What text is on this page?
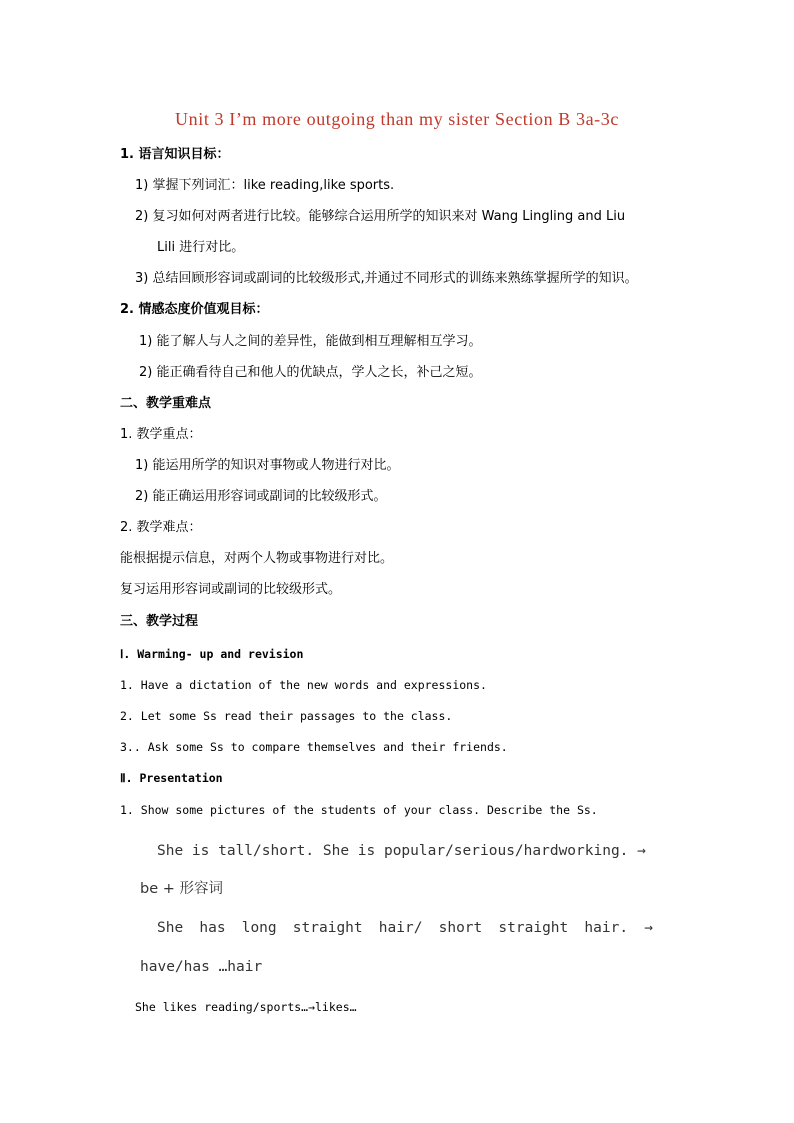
Unit 3 I’m more outgoing than my sister Section B 3a-3c
1. 语言知识目标：
1) 掌握下列词汇：like reading,like sports.
2) 复习如何对两者进行比较。能够综合运用所学的知识来对 Wang Lingling and Liu
Lili 进行对比。
3) 总结回顾形容词或副词的比较级形式,并通过不同形式的训练来熟练掌握所学的知识。
2. 情感态度价值观目标：
1) 能了解人与人之间的差异性，能做到相互理解相互学习。
2) 能正确看待自己和他人的优缺点，学人之长，补己之短。
二、教学重难点
1. 教学重点：
1) 能运用所学的知识对事物或人物进行对比。
2) 能正确运用形容词或副词的比较级形式。
2. 教学难点：
能根据提示信息，对两个人物或事物进行对比。
复习运用形容词或副词的比较级形式。
三、教学过程
Ⅰ. Warming- up and revision
1. Have a dictation of the new words and expressions.
2. Let some Ss read their passages to the class.
3.. Ask some Ss to compare themselves and their friends.
Ⅱ. Presentation
1. Show some pictures of the students of your class. Describe the Ss.
She is tall/short. She is popular/serious/hardworking. →
be + 形容词
She has long straight hair/ short straight hair. →
have/has …hair
She likes reading/sports…→likes…
